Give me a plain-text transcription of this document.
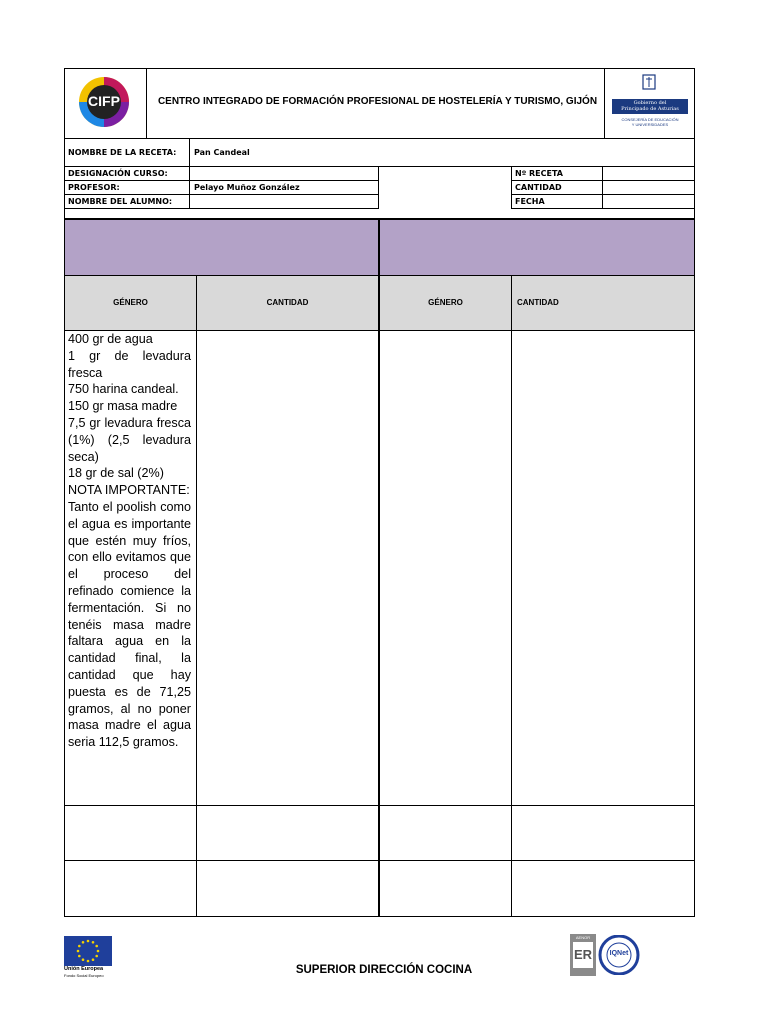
CIFP	CENTRO INTEGRADO DE FORMACIÓN PROFESIONAL DE HOSTELERÍA Y TURISMO, GIJÓN	Gobierno del
Principado de Asturias
CONSEJERÍA DE EDUCACIÓN
Y UNIVERSIDADES
NOMBRE DE LA RECETA: Pan Candeal
DESIGNACIÓN CURSO:
PROFESOR:	Pelayo Muñoz González
NOMBRE DEL ALUMNO:
Nº RECETA
CANTIDAD
FECHA
GÉNERO	CANTIDAD	GÉNERO	CANTIDAD
400 gr de agua
1 gr de levadura fresca
750 harina candeal.
150 gr masa madre
7,5 gr levadura fresca (1%) (2,5 levadura seca)
18 gr de sal (2%)
NOTA IMPORTANTE:
Tanto el poolish como el agua es importante que estén muy fríos, con ello evitamos que el proceso del refinado comience la fermentación. Si no tenéis masa madre faltara agua en la cantidad final, la cantidad que hay puesta es de 71,25 gramos, al no poner masa madre el agua seria 112,5 gramos.
Unión Europea
Fondo Social Europeo	SUPERIOR DIRECCIÓN COCINA
AENOR
ER	IQNet
